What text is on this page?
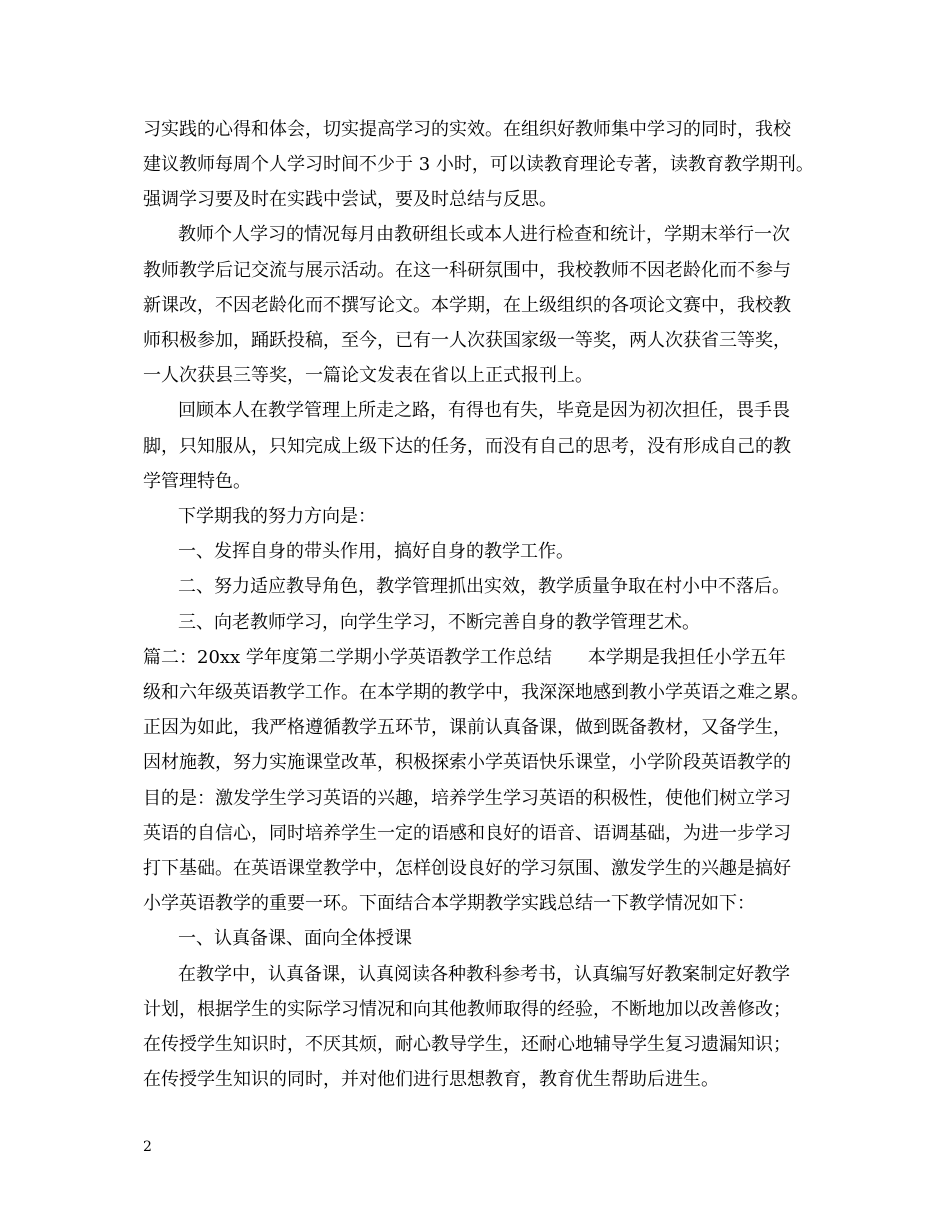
习实践的心得和体会，切实提高学习的实效。在组织好教师集中学习的同时，我校
建议教师每周个人学习时间不少于 3 小时，可以读教育理论专著，读教育教学期刊。
强调学习要及时在实践中尝试，要及时总结与反思。
教师个人学习的情况每月由教研组长或本人进行检查和统计，学期末举行一次
教师教学后记交流与展示活动。在这一科研氛围中，我校教师不因老龄化而不参与
新课改，不因老龄化而不撰写论文。本学期，在上级组织的各项论文赛中，我校教
师积极参加，踊跃投稿，至今，已有一人次获国家级一等奖，两人次获省三等奖，
一人次获县三等奖，一篇论文发表在省以上正式报刊上。
回顾本人在教学管理上所走之路，有得也有失，毕竟是因为初次担任，畏手畏
脚，只知服从，只知完成上级下达的任务，而没有自己的思考，没有形成自己的教
学管理特色。
下学期我的努力方向是：
一、发挥自身的带头作用，搞好自身的教学工作。
二、努力适应教导角色，教学管理抓出实效，教学质量争取在村小中不落后。
三、向老教师学习，向学生学习，不断完善自身的教学管理艺术。
篇二：20xx 学年度第二学期小学英语教学工作总结　　本学期是我担任小学五年
级和六年级英语教学工作。在本学期的教学中，我深深地感到教小学英语之难之累。
正因为如此，我严格遵循教学五环节，课前认真备课，做到既备教材，又备学生，
因材施教，努力实施课堂改革，积极探索小学英语快乐课堂，小学阶段英语教学的
目的是：激发学生学习英语的兴趣，培养学生学习英语的积极性，使他们树立学习
英语的自信心，同时培养学生一定的语感和良好的语音、语调基础，为进一步学习
打下基础。在英语课堂教学中，怎样创设良好的学习氛围、激发学生的兴趣是搞好
小学英语教学的重要一环。下面结合本学期教学实践总结一下教学情况如下：
一、认真备课、面向全体授课
在教学中，认真备课，认真阅读各种教科参考书，认真编写好教案制定好教学
计划，根据学生的实际学习情况和向其他教师取得的经验，不断地加以改善修改；
在传授学生知识时，不厌其烦，耐心教导学生，还耐心地辅导学生复习遗漏知识；
在传授学生知识的同时，并对他们进行思想教育，教育优生帮助后进生。
2
